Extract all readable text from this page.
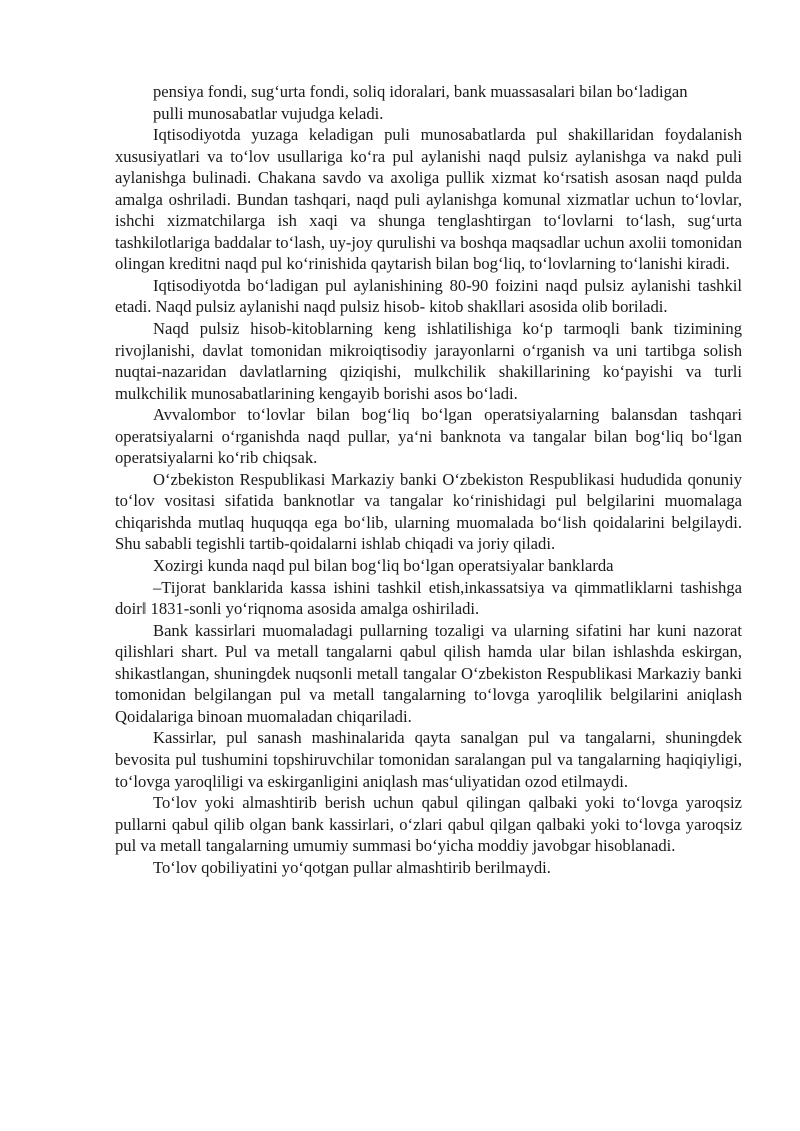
pensiya fondi, sug‘urta fondi, soliq idoralari, bank muassasalari bilan bo‘ladigan

pulli munosabatlar vujudga keladi.

Iqtisodiyotda yuzaga keladigan puli munosabatlarda pul shakillaridan foydalanish xususiyatlari va to‘lov usullariga ko‘ra pul aylanishi naqd pulsiz aylanishga va nakd puli aylanishga bulinadi. Chakana savdo va axoliga pullik xizmat ko‘rsatish asosan naqd pulda amalga oshriladi. Bundan tashqari, naqd puli aylanishga komunal xizmatlar uchun to‘lovlar, ishchi xizmatchilarga ish xaqi va shunga tenglashtirgan to‘lovlarni to‘lash, sug‘urta tashkilotlariga baddalar to‘lash, uy-joy qurulishi va boshqa maqsadlar uchun axolii tomonidan olingan kreditni naqd pul ko‘rinishida qaytarish bilan bog‘liq, to‘lovlarning to‘lanishi kiradi.

Iqtisodiyotda bo‘ladigan pul aylanishining 80-90 foizini naqd pulsiz aylanishi tashkil etadi. Naqd pulsiz aylanishi naqd pulsiz hisob- kitob shakllari asosida olib boriladi.

Naqd pulsiz hisob-kitoblarning keng ishlatilishiga ko‘p tarmoqli bank tizimining rivojlanishi, davlat tomonidan mikroiqtisodiy jarayonlarni o‘rganish va uni tartibga solish nuqtai-nazaridan davlatlarning qiziqishi, mulkchilik shakillarining ko‘payishi va turli mulkchilik munosabatlarining kengayib borishi asos bo‘ladi.

Avvalombor to‘lovlar bilan bog‘liq bo‘lgan operatsiyalarning balansdan tashqari operatsiyalarni o‘rganishda naqd pullar, ya‘ni banknota va tangalar bilan bog‘liq bo‘lgan operatsiyalarni ko‘rib chiqsak.

O‘zbekiston Respublikasi Markaziy banki O‘zbekiston Respublikasi hududida qonuniy to‘lov vositasi sifatida banknotlar va tangalar ko‘rinishidagi pul belgilarini muomalaga chiqarishda mutlaq huquqqa ega bo‘lib, ularning muomalada bo‘lish qoidalarini belgilaydi. Shu sababli tegishli tartib-qoidalarni ishlab chiqadi va joriy qiladi.

Xozirgi kunda naqd pul bilan bog‘liq bo‘lgan operatsiyalar banklarda

–Tijorat banklarida kassa ishini tashkil etish,inkassatsiya va qimmatliklarni tashishga doir‖ 1831-sonli yo‘riqnoma asosida amalga oshiriladi.

Bank kassirlari muomaladagi pullarning tozaligi va ularning sifatini har kuni nazorat qilishlari shart. Pul va metall tangalarni qabul qilish hamda ular bilan ishlashda eskirgan, shikastlangan, shuningdek nuqsonli metall tangalar O‘zbekiston Respublikasi Markaziy banki tomonidan belgilangan pul va metall tangalarning to‘lovga yaroqlilik belgilarini aniqlash Qoidalariga binoan muomaladan chiqariladi.

Kassirlar, pul sanash mashinalarida qayta sanalgan pul va tangalarni, shuningdek bevosita pul tushumini topshiruvchilar tomonidan saralangan pul va tangalarning haqiqiyligi, to‘lovga yaroqliligi va eskirganligini aniqlash mas‘uliyatidan ozod etilmaydi.

To‘lov yoki almashtirib berish uchun qabul qilingan qalbaki yoki to‘lovga yaroqsiz pullarni qabul qilib olgan bank kassirlari, o‘zlari qabul qilgan qalbaki yoki to‘lovga yaroqsiz pul va metall tangalarning umumiy summasi bo‘yicha moddiy javobgar hisoblanadi.

To‘lov qobiliyatini yo‘qotgan pullar almashtirib berilmaydi.
